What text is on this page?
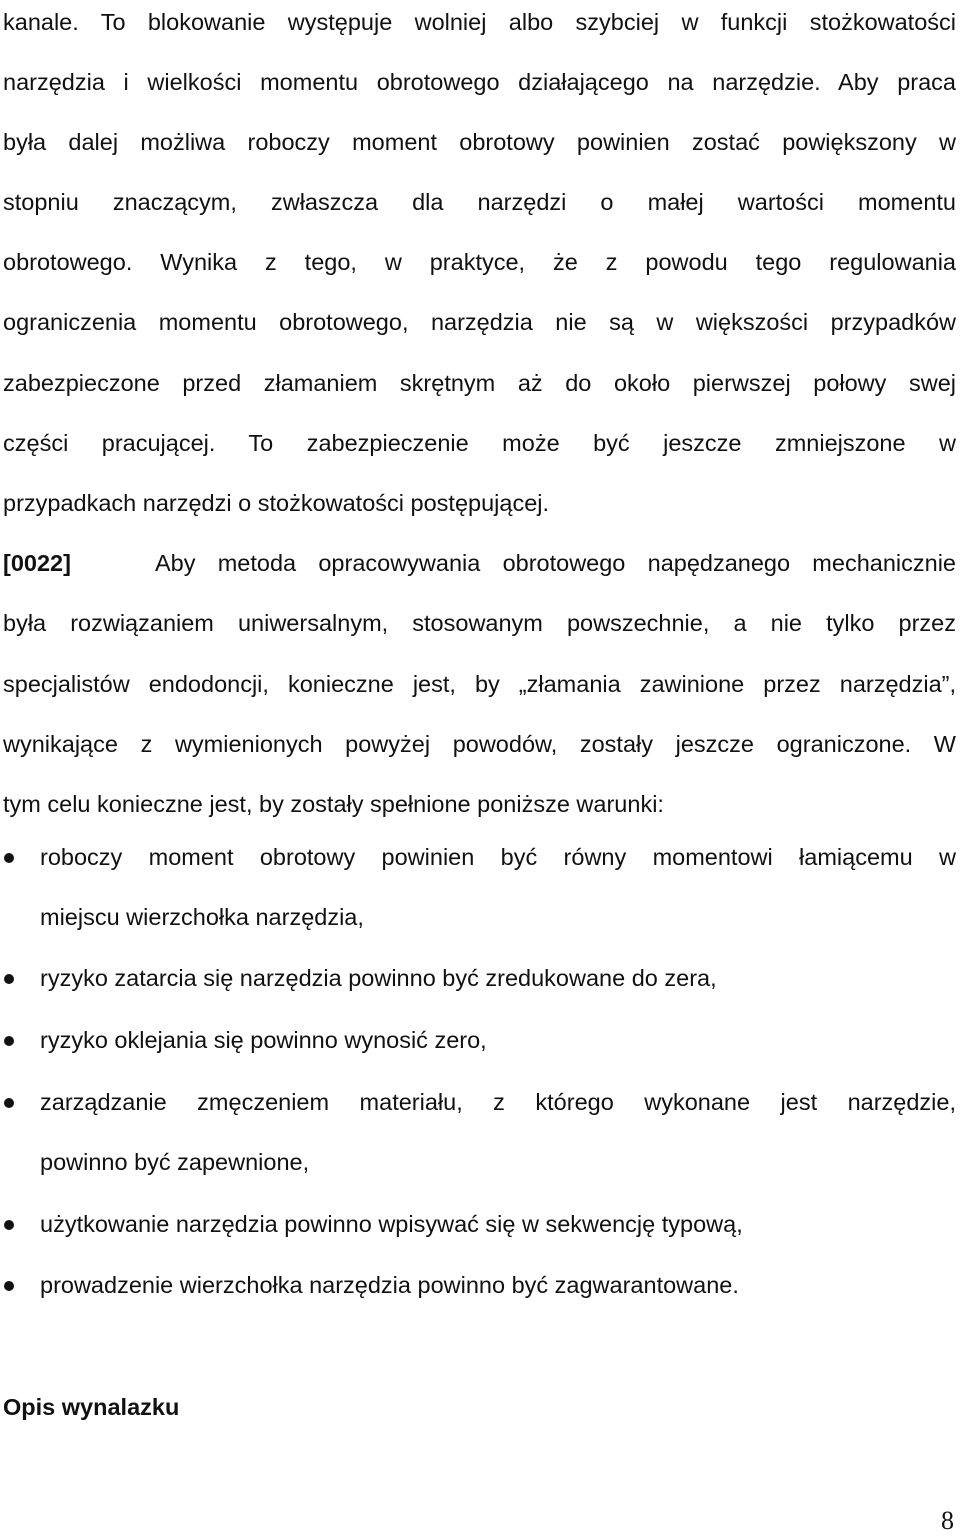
kanale. To blokowanie występuje wolniej albo szybciej w funkcji stożkowatości
narzędzia i wielkości momentu obrotowego działającego na narzędzie. Aby praca
była dalej możliwa roboczy moment obrotowy powinien zostać powiększony w
stopniu znaczącym, zwłaszcza dla narzędzi o małej wartości momentu
obrotowego. Wynika z tego, w praktyce, że z powodu tego regulowania
ograniczenia momentu obrotowego, narzędzia nie są w większości przypadków
zabezpieczone przed złamaniem skrętnym aż do około pierwszej połowy swej
części pracującej. To zabezpieczenie może być jeszcze zmniejszone w
przypadkach narzędzi o stożkowatości postępującej.
[0022]	Aby metoda opracowywania obrotowego napędzanego mechanicznie
była rozwiązaniem uniwersalnym, stosowanym powszechnie, a nie tylko przez
specjalistów endodoncji, konieczne jest, by „złamania zawinione przez narzędzia”,
wynikające z wymienionych powyżej powodów, zostały jeszcze ograniczone. W
tym celu konieczne jest, by zostały spełnione poniższe warunki:
roboczy moment obrotowy powinien być równy momentowi łamiącemu w
miejscu wierzchołka narzędzia,
ryzyko zatarcia się narzędzia powinno być zredukowane do zera,
ryzyko oklejania się powinno wynosić zero,
zarządzanie zmęczeniem materiału, z którego wykonane jest narzędzie,
powinno być zapewnione,
użytkowanie narzędzia powinno wpisywać się w sekwencję typową,
prowadzenie wierzchołka narzędzia powinno być zagwarantowane.
Opis wynalazku
8
